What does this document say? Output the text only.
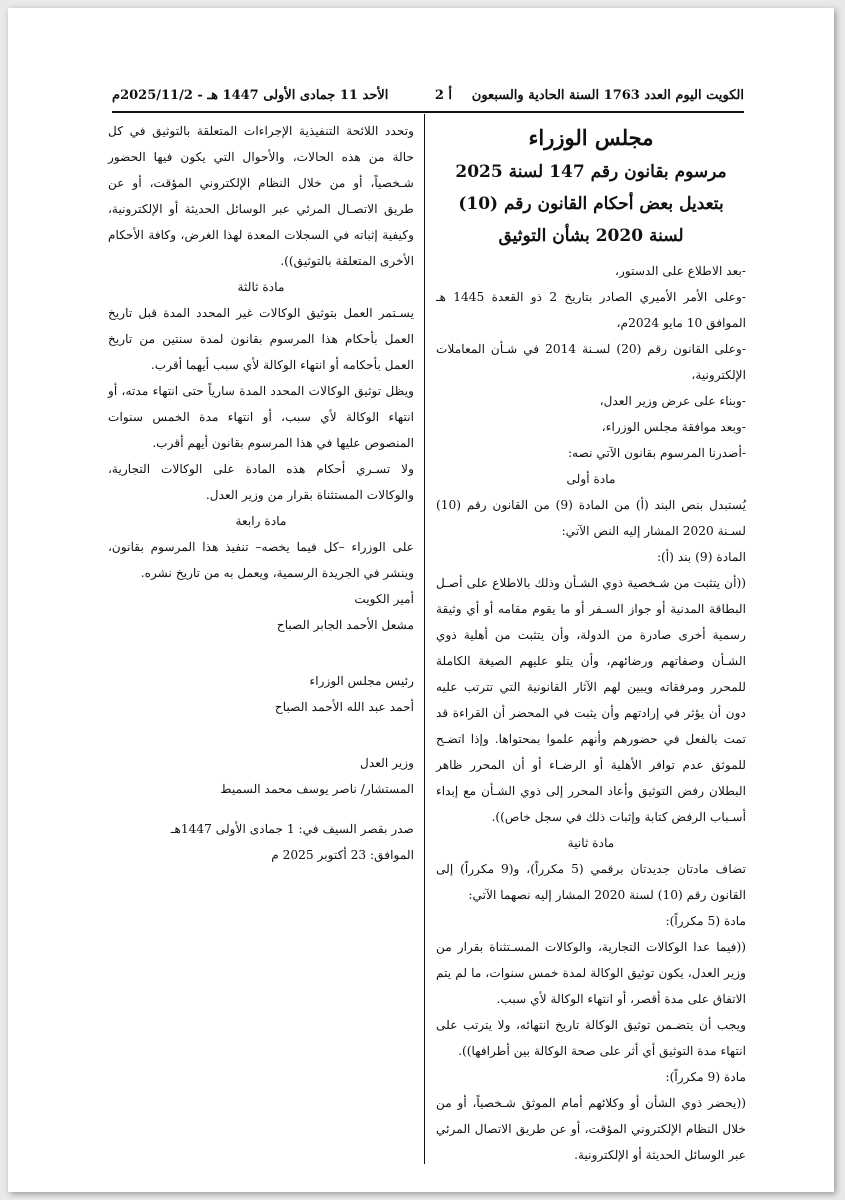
الكويت اليوم العدد 1763 السنة الحادية والسبعون
أ 2
الأحد 11 جمادى الأولى 1447 هـ - 2025/11/2م

مجلس الوزراء

مرسوم بقانون رقم 147 لسنة 2025

بتعديل بعض أحكام القانون رقم (10)

لسنة 2020 بشأن التوثيق

-بعد الاطلاع على الدستور،

-وعلى الأمر الأميري الصادر بتاريخ 2 ذو القعدة 1445 هـ الموافق 10 مايو 2024م،

-وعلى القانون رقم (20) لسـنة 2014 في شـأن المعاملات الإلكترونية،

-وبناء على عرض وزير العدل،

-وبعد موافقة مجلس الوزراء،

-أصدرنا المرسوم بقانون الآتي نصه:

مادة أولى

يُستبدل بنص البند (أ) من المادة (9) من القانون رقم (10) لسـنة 2020 المشار إليه النص الآتي:

المادة (9) بند (أ):

((أن يتثبت من شـخصية ذوي الشـأن وذلك بالاطلاع على أصـل البطاقة المدنية أو جواز السـفر أو ما يقوم مقامه أو أي وثيقة رسمية أخرى صادرة من الدولة، وأن يتثبت من أهلية ذوي الشـأن وصفاتهم ورضائهم، وأن يتلو عليهم الصيغة الكاملة للمحرر ومرفقاته ويبين لهم الآثار القانونية التي تترتب عليه دون أن يؤثر في إرادتهم وأن يثبت في المحضر أن القراءة قد تمت بالفعل في حضورهم وأنهم علموا بمحتواها. وإذا اتضـح للموثق عدم توافر الأهلية أو الرضـاء أو أن المحرر ظاهر البطلان رفض التوثيق وأعاد المحرر إلى ذوي الشـأن مع إبداء أسـباب الرفض كتابة وإثبات ذلك في سجل خاص)).

مادة ثانية

تضاف مادتان جديدتان برقمي (5 مكرراً)، و(9 مكرراً) إلى القانون رقم (10) لسنة 2020 المشار إليه نصهما الآتي:

مادة (5 مكرراً):

((فيما عدا الوكالات التجارية، والوكالات المسـتثناة بقرار من وزير العدل، يكون توثيق الوكالة لمدة خمس سنوات، ما لم يتم الاتفاق على مدة أقصر، أو انتهاء الوكالة لأي سبب.

ويجب أن يتضـمن توثيق الوكالة تاريخ انتهائه، ولا يترتب على انتهاء مدة التوثيق أي أثر على صحة الوكالة بين أطرافها)).

مادة (9 مكرراً):

((يحضر ذوي الشأن أو وكلائهم أمام الموثق شـخصياً، أو من خلال النظام الإلكتروني المؤقت، أو عن طريق الاتصال المرئي عبر الوسائل الحديثة أو الإلكترونية.

وتحدد اللائحة التنفيذية الإجراءات المتعلقة بالتوثيق في كل حالة من هذه الحالات، والأحوال التي يكون فيها الحضور شـخصياً، أو من خلال النظام الإلكتروني المؤقت، أو عن طريق الاتصـال المرئي عبر الوسائل الحديثة أو الإلكترونية، وكيفية إثباته في السجلات المعدة لهذا الغرض، وكافة الأحكام الأخرى المتعلقة بالتوثيق)).

مادة ثالثة

يسـتمر العمل بتوثيق الوكالات غير المحدد المدة قبل تاريخ العمل بأحكام هذا المرسوم بقانون لمدة سنتين من تاريخ العمل بأحكامه أو انتهاء الوكالة لأي سبب أيهما أقرب.

ويظل توثيق الوكالات المحدد المدة سارياً حتى انتهاء مدته، أو انتهاء الوكالة لأي سبب، أو انتهاء مدة الخمس سنوات المنصوص عليها في هذا المرسوم بقانون أيهم أقرب.

ولا تسـري أحكام هذه المادة على الوكالات التجارية، والوكالات المستثناة بقرار من وزير العدل.

مادة رابعة

على الوزراء –كل فيما يخصه– تنفيذ هذا المرسوم بقانون، وينشر في الجريدة الرسمية، ويعمل به من تاريخ نشره.

أمير الكويت

مشعل الأحمد الجابر الصباح

رئيس مجلس الوزراء

أحمد عبد الله الأحمد الصباح

وزير العدل

المستشار/ ناصر يوسف محمد السميط

صدر بقصر السيف في: 1 جمادى الأولى 1447هـ

الموافق: 23 أكتوبر 2025 م
